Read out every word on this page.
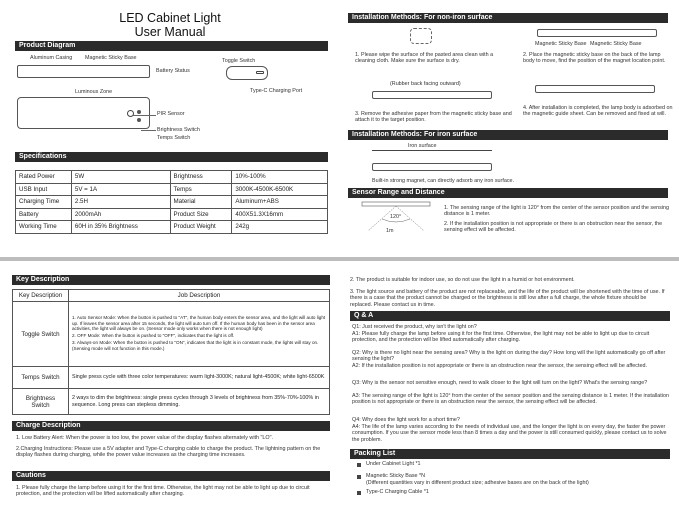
LED Cabinet Light
User Manual
Product Diagram
Aluminum Casing Magnetic Sticky Base
Battery Status
Toggle Switch
Type-C Charging Port
Luminous Zone
PIR Sensor
Brightness Switch
Temps Switch
Specifications
Rated Power	5W	Brightness	10%-100%
USB Input	5V = 1A	Temps	3000K-4500K-6500K
Charging Time	2.5H	Material	Aluminum+ABS
Battery	2000mAh	Product Size	400X51.3X16mm
Working Time	60H in 35% Brightness	Product Weight	242g
Installation Methods: For non-iron surface
1. Please wipe the surface of the pasted area clean with a cleaning cloth. Make sure the surface is dry.
Magnetic Sticky Base Magnetic Sticky Base
2. Place the magnetic sticky base on the back of the lamp body to move, find the position of the magnet location point.
(Rubber back facing outward)
3. Remove the adhesive paper from the magnetic sticky base and attach it to the target position.
4. After installation is completed, the lamp body is adsorbed on the magnetic guide sheet. Can be removed and fixed at will.
Installation Methods: For iron surface
Iron surface
Built-in strong magnet, can directly adsorb any iron surface.
Sensor Range and Distance
120°
1m
1. The sensing range of the light is 120° from the center of the sensor position and the sensing distance is 1 meter.
2. If the installation position is not appropriate or there is an obstruction near the sensor, the sensing effect will be affected.
Key Description
Key Description	Job Description
Toggle Switch	1. Auto Sensor Mode: When the button is pushed to "AT", the human body enters the sensor area, and the light will auto light up. If leaves the sensor area after 15 seconds, the light will auto turn off. If the human body has been in the sensor area activities, the light will always be on. (Sensor mode only works when there is not enough light)
2. OFF Mode: When the button is pushed to "OFF", indicates that the light is off.
3. Always-on Mode: When the button is pushed to "ON", indicates that the light is in constant mode, the lights will stay on. (Sensing mode will not function in this mode.)

Temps Switch	Single press cycle with three color temperatures: warm light-3000K; natural light-4500K; white light-6500K
Brightness Switch	2 ways to dim the brightness: single press cycles through 3 levels of brightness from 35%-70%-100% in sequence. Long press can stepless dimming.
Charge Description
1. Low Battery Alert: When the power is too low, the power value of the display flashes alternately with "LO".
2.Charging Instructions: Please use a 5V adapter and Type-C charging cable to charge the product. The lightning pattern on the display flashes during charging, while the power value increases as the charging time increases.
Cautions
1. Please fully charge the lamp before using it for the first time. Otherwise, the light may not be able to light up due to circuit protection, and the protection will be lifted automatically after charging.
2. The product is suitable for indoor use, so do not use the light in a humid or hot environment.
3. The light source and battery of the product are not replaceable, and the life of the product will be shortened with the time of use. If there is a case that the product cannot be charged or the brightness is still low after a full charge, the whole fixture should be replaced. Please contact us in time.
Q & A
Q1: Just received the product, why isn't the light on?
A1: Please fully charge the lamp before using it for the first time. Otherwise, the light may not be able to light up due to circuit protection, and the protection will be lifted automatically after charging.
Q2: Why is there no light near the sensing area? Why is the light on during the day? How long will the light automatically go off after sensing the light?
A2: If the installation position is not appropriate or there is an obstruction near the sensor, the sensing effect will be affected.
Q3: Why is the sensor not sensitive enough, need to walk closer to the light will turn on the light? What's the sensing range?
A3: The sensing range of the light is 120° from the center of the sensor position and the sensing distance is 1 meter. If the installation position is not appropriate or there is an obstruction near the sensor, the sensing effect will be affected.
Q4: Why does the light work for a short time?
A4: The life of the lamp varies according to the needs of individual use, and the longer the light is on every day, the faster the power consumption. If you use the sensor mode less than 8 times a day and the power is still consumed quickly, please contact us to solve the problem.
Packing List
Under Cabinet Light *1
Magnetic Sticky Base *N
(Different quantities vary in different product size; adhesive bases are on the back of the light)
Type-C Charging Cable *1
